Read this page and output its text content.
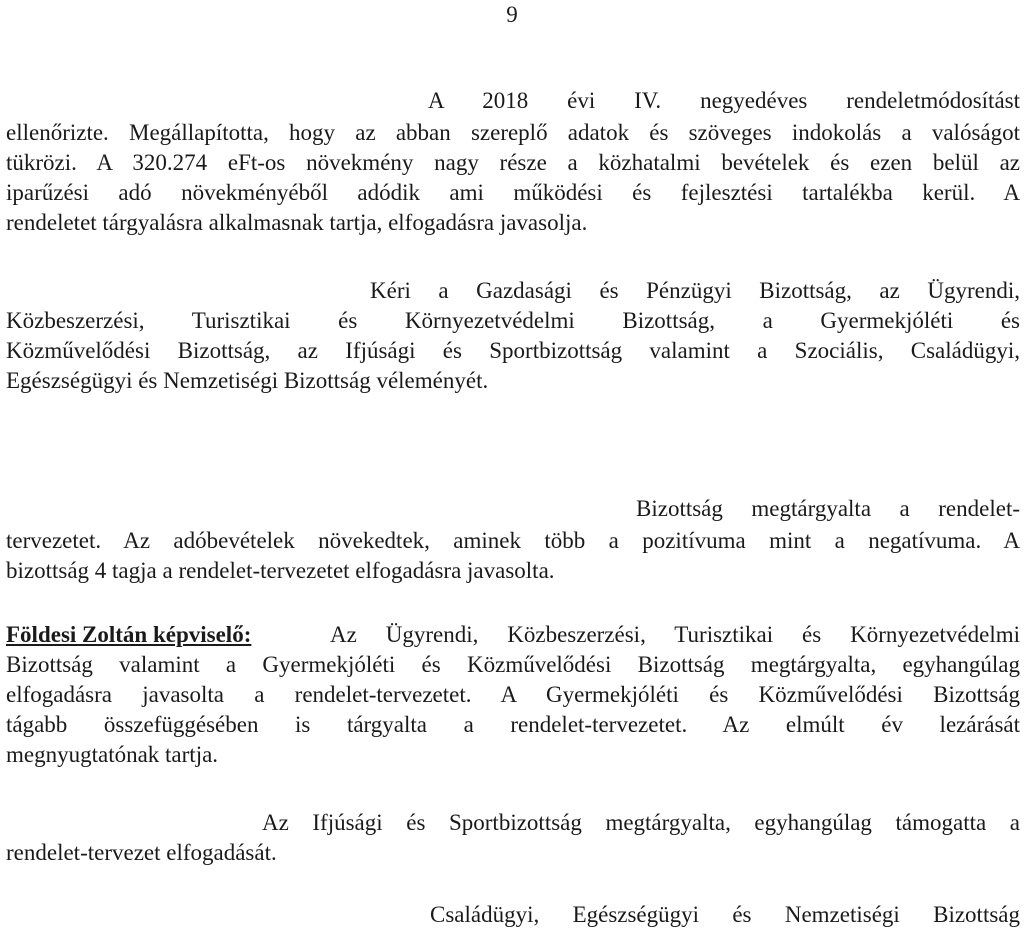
9
A 2018 évi IV. negyedéves rendeletmódosítást
ellenőrizte. Megállapította, hogy az abban szereplő adatok és szöveges indokolás a valóságot
tükrözi. A 320.274 eFt-os növekmény nagy része a közhatalmi bevételek és ezen belül az
iparűzési adó növekményéből adódik ami működési és fejlesztési tartalékba kerül. A
rendeletet tárgyalásra alkalmasnak tartja, elfogadásra javasolja.
Kéri a Gazdasági és Pénzügyi Bizottság, az Ügyrendi,
Közbeszerzési, Turisztikai és Környezetvédelmi Bizottság, a Gyermekjóléti és
Közművelődési Bizottság, az Ifjúsági és Sportbizottság valamint a Szociális, Családügyi,
Egészségügyi és Nemzetiségi Bizottság véleményét.
Bizottság megtárgyalta a rendelet-
tervezetet. Az adóbevételek növekedtek, aminek több a pozitívuma mint a negatívuma. A
bizottság 4 tagja a rendelet-tervezetet elfogadásra javasolta.
Földesi Zoltán képviselő:	Az Ügyrendi, Közbeszerzési, Turisztikai és Környezetvédelmi
Bizottság valamint a Gyermekjóléti és Közművelődési Bizottság megtárgyalta, egyhangúlag
elfogadásra javasolta a rendelet-tervezetet. A Gyermekjóléti és Közművelődési Bizottság
tágabb összefüggésében is tárgyalta a rendelet-tervezetet. Az elmúlt év lezárását
megnyugtatónak tartja.
Az Ifjúsági és Sportbizottság megtárgyalta, egyhangúlag támogatta a
rendelet-tervezet elfogadását.
Családügyi, Egészségügyi és Nemzetiségi Bizottság
